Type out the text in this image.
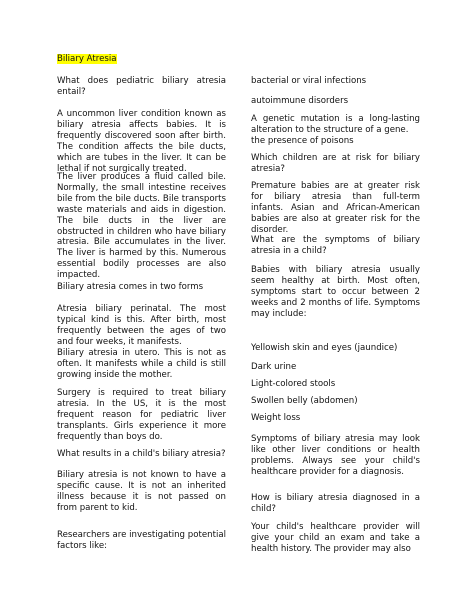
Biliary Atresia

What does pediatric biliary atresia entail?

A uncommon liver condition known as biliary atresia affects babies. It is frequently discovered soon after birth. The condition affects the bile ducts, which are tubes in the liver. It can be lethal if not surgically treated.

The liver produces a fluid called bile. Normally, the small intestine receives bile from the bile ducts. Bile transports waste materials and aids in digestion. The bile ducts in the liver are obstructed in children who have biliary atresia. Bile accumulates in the liver. The liver is harmed by this. Numerous essential bodily processes are also impacted.

Biliary atresia comes in two forms

Atresia biliary perinatal. The most typical kind is this. After birth, most frequently between the ages of two and four weeks, it manifests.

Biliary atresia in utero. This is not as often. It manifests while a child is still growing inside the mother.

Surgery is required to treat biliary atresia. In the US, it is the most frequent reason for pediatric liver transplants. Girls experience it more frequently than boys do.

What results in a child's biliary atresia?

Biliary atresia is not known to have a specific cause. It is not an inherited illness because it is not passed on from parent to kid.

Researchers are investigating potential factors like:

bacterial or viral infections

autoimmune disorders

A genetic mutation is a long-lasting alteration to the structure of a gene.

the presence of poisons

Which children are at risk for biliary atresia?

Premature babies are at greater risk for biliary atresia than full-term infants. Asian and African-American babies are also at greater risk for the disorder.

What are the symptoms of biliary atresia in a child?

Babies with biliary atresia usually seem healthy at birth. Most often, symptoms start to occur between 2 weeks and 2 months of life. Symptoms may include:

Yellowish skin and eyes (jaundice)

Dark urine

Light-colored stools

Swollen belly (abdomen)

Weight loss

Symptoms of biliary atresia may look like other liver conditions or health problems. Always see your child's healthcare provider for a diagnosis.

How is biliary atresia diagnosed in a child?

Your child's healthcare provider will give your child an exam and take a health history. The provider may also
